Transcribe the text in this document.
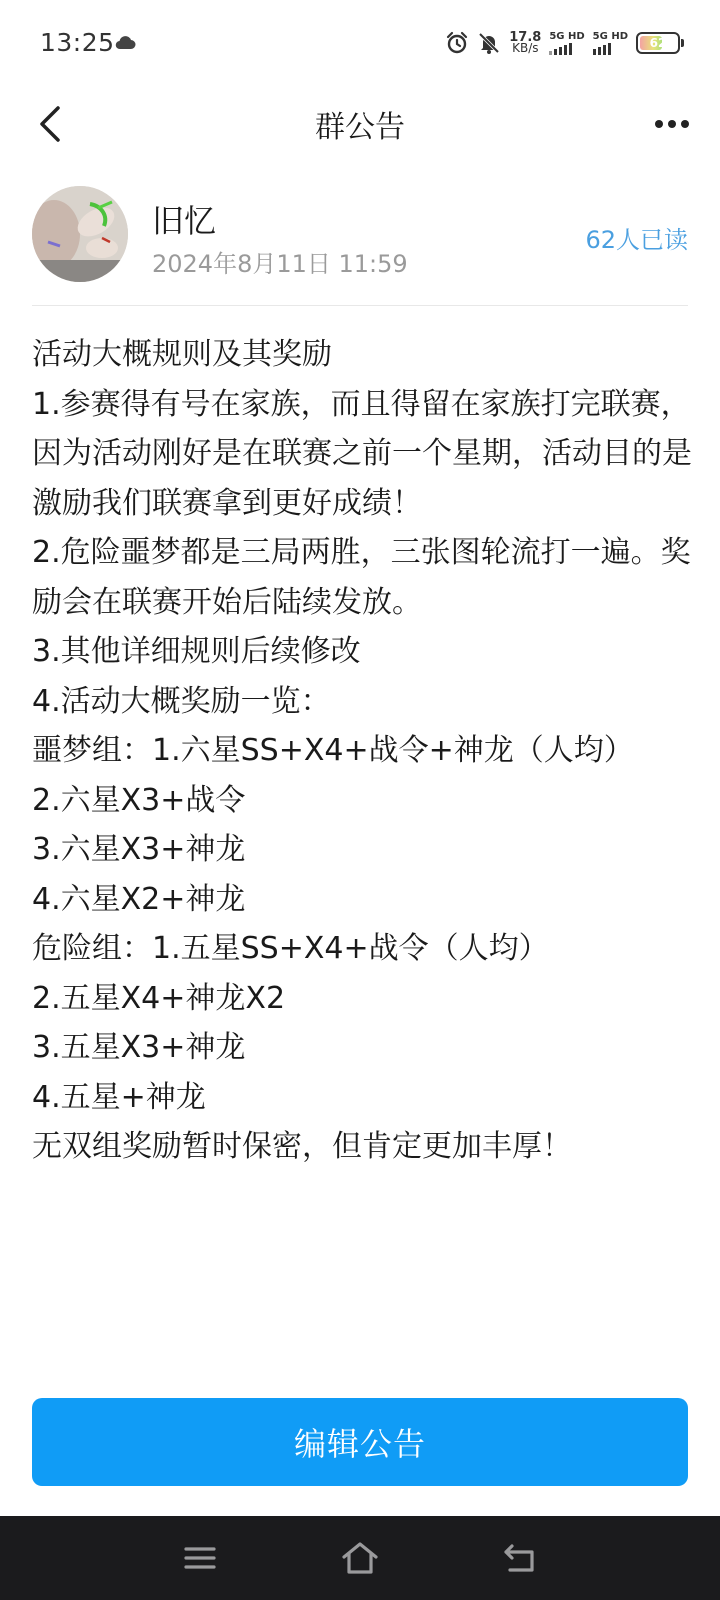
13:25	17.8
KB/s
5G HD 5G HD	62
群公告
旧忆
2024年8月11日 11:59
62人已读

活动大概规则及其奖励

1.参赛得有号在家族，而且得留在家族打完联赛，因为活动刚好是在联赛之前一个星期，活动目的是激励我们联赛拿到更好成绩！

2.危险噩梦都是三局两胜，三张图轮流打一遍。奖励会在联赛开始后陆续发放。

3.其他详细规则后续修改

4.活动大概奖励一览：

噩梦组：1.六星SS+X4+战令+神龙（人均）

2.六星X3+战令

3.六星X3+神龙

4.六星X2+神龙

危险组：1.五星SS+X4+战令（人均）

2.五星X4+神龙X2

3.五星X3+神龙

4.五星+神龙

无双组奖励暂时保密，但肯定更加丰厚！

编辑公告
